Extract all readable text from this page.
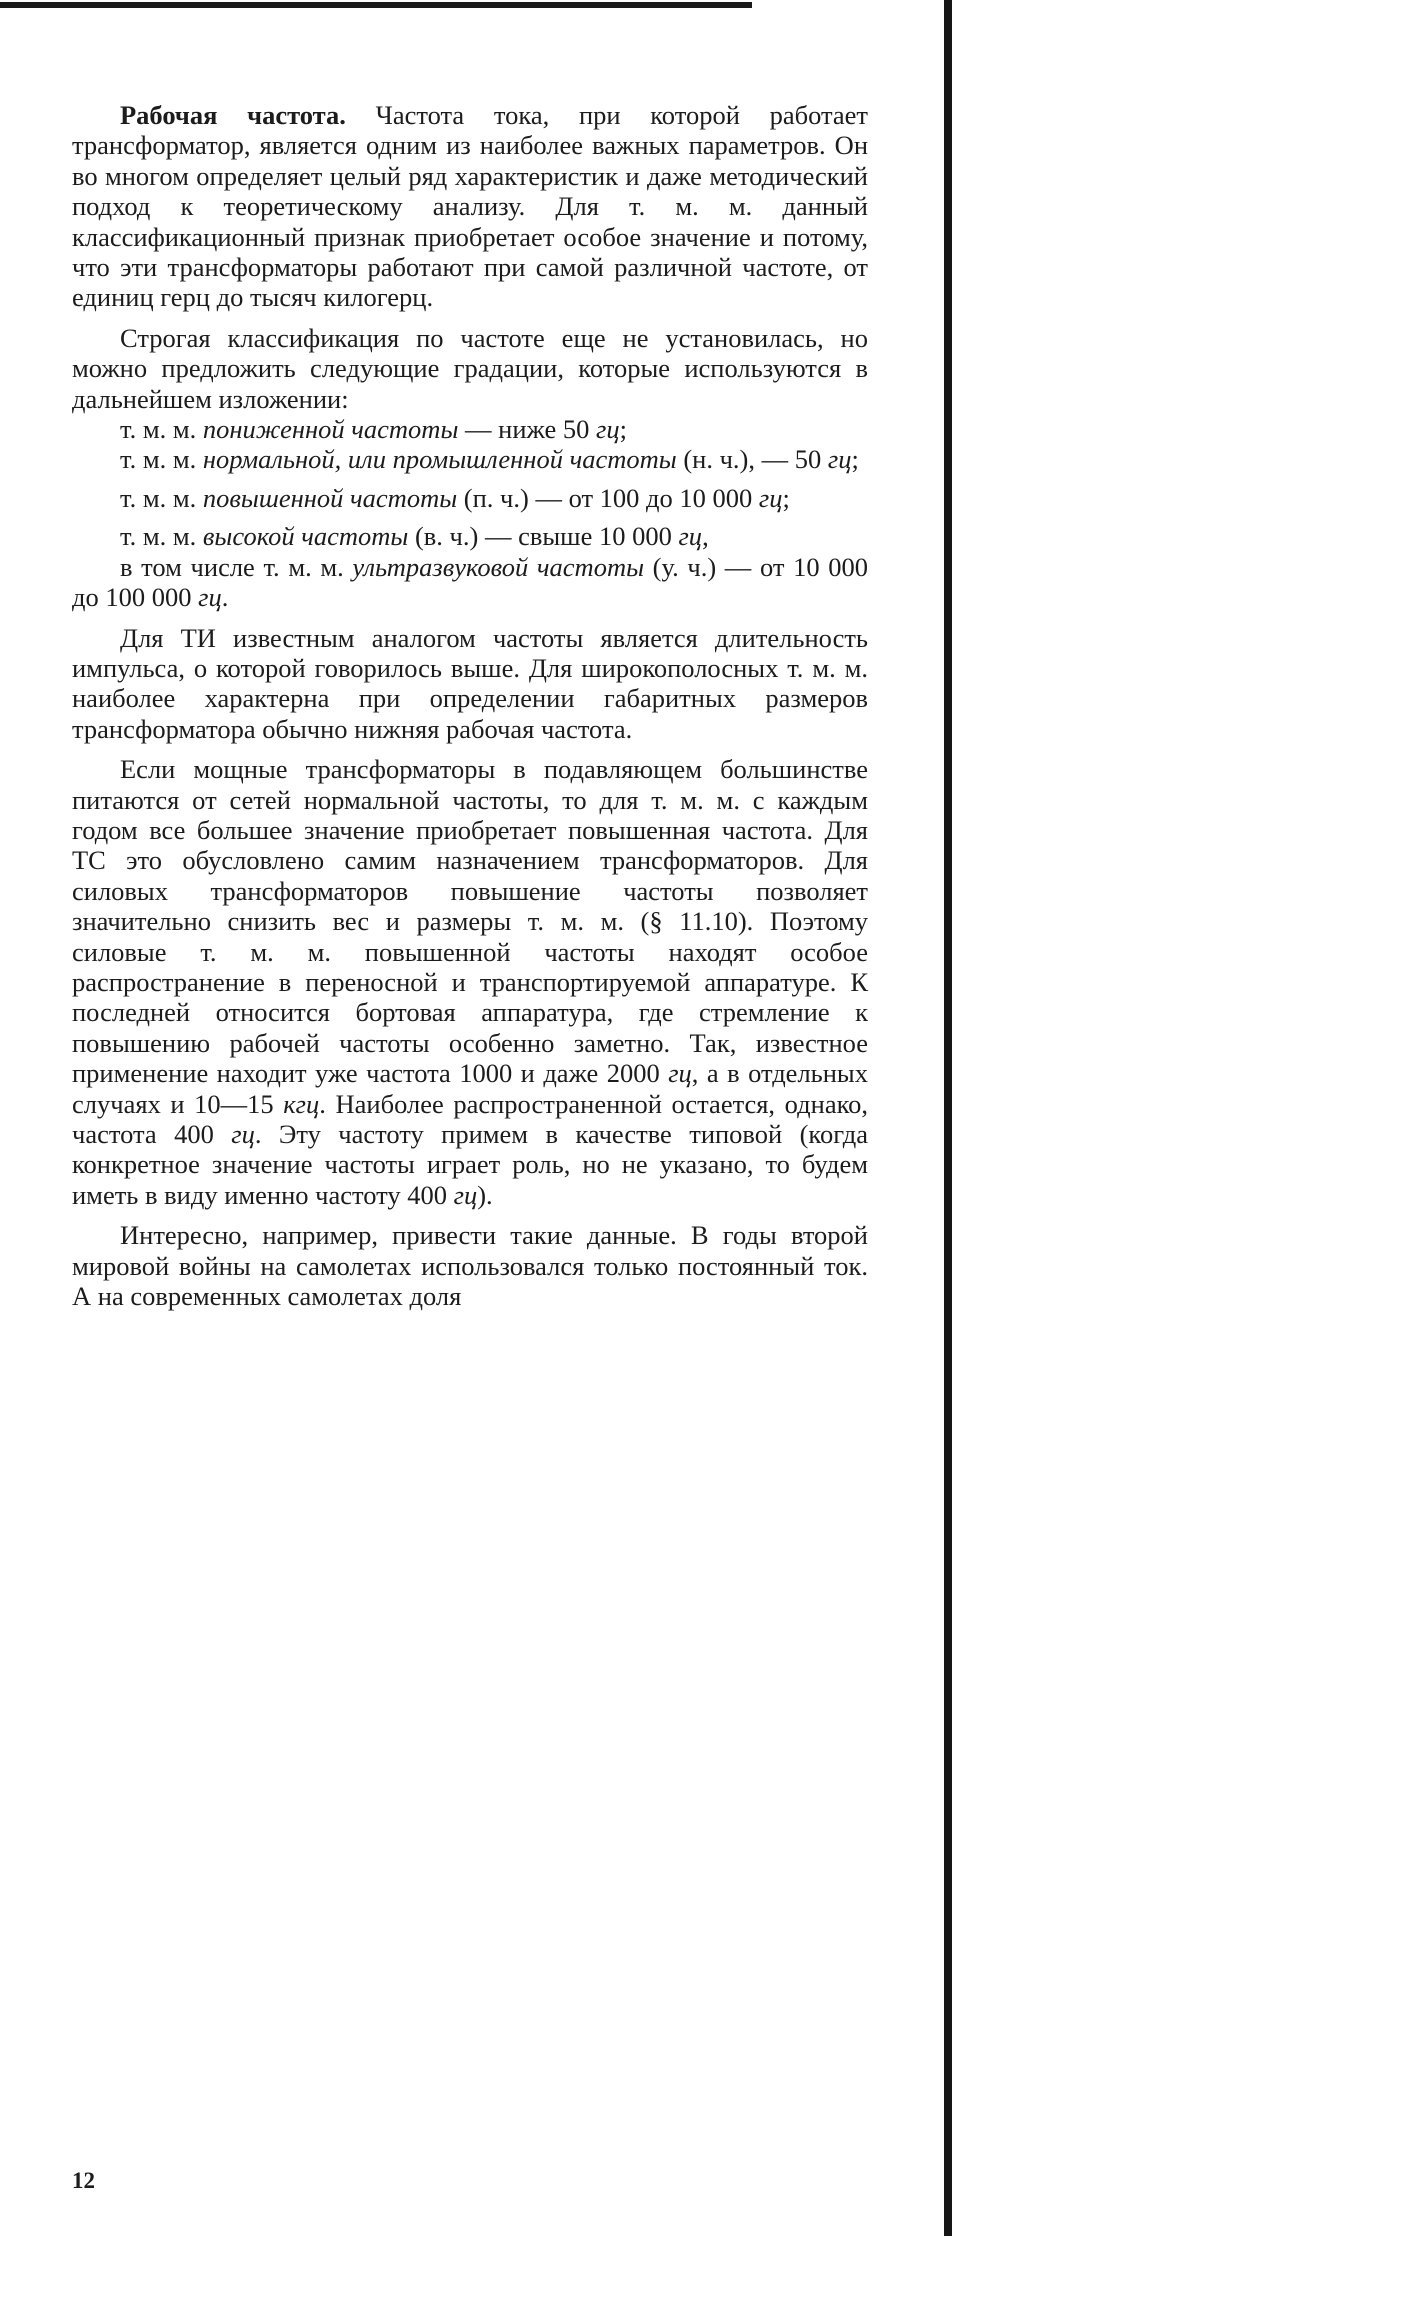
Рабочая частота. Частота тока, при которой работает трансформатор, является одним из наиболее важных параметров. Он во многом определяет целый ряд характеристик и даже методический подход к теоретическому анализу. Для т. м. м. данный классификационный признак приобретает особое значение и потому, что эти трансформаторы работают при самой различной частоте, от единиц герц до тысяч килогерц.

Строгая классификация по частоте еще не установилась, но можно предложить следующие градации, которые используются в дальнейшем изложении:

т. м. м. пониженной частоты — ниже 50 гц;

т. м. м. нормальной, или промышленной частоты (н. ч.), — 50 гц;

т. м. м. повышенной частоты (п. ч.) — от 100 до 10 000 гц;

т. м. м. высокой частоты (в. ч.) — свыше 10 000 гц,

в том числе т. м. м. ультразвуковой частоты (у. ч.) — от 10 000 до 100 000 гц.

Для ТИ известным аналогом частоты является длительность импульса, о которой говорилось выше. Для широкополосных т. м. м. наиболее характерна при определении габаритных размеров трансформатора обычно нижняя рабочая частота.

Если мощные трансформаторы в подавляющем большинстве питаются от сетей нормальной частоты, то для т. м. м. с каждым годом все большее значение приобретает повышенная частота. Для ТС это обусловлено самим назначением трансформаторов. Для силовых трансформаторов повышение частоты позволяет значительно снизить вес и размеры т. м. м. (§ 11.10). Поэтому силовые т. м. м. повышенной частоты находят особое распространение в переносной и транспортируемой аппаратуре. К последней относится бортовая аппаратура, где стремление к повышению рабочей частоты особенно заметно. Так, известное применение находит уже частота 1000 и даже 2000 гц, а в отдельных случаях и 10—15 кгц. Наиболее распространенной остается, однако, частота 400 гц. Эту частоту примем в качестве типовой (когда конкретное значение частоты играет роль, но не указано, то будем иметь в виду именно частоту 400 гц).

Интересно, например, привести такие данные. В годы второй мировой войны на самолетах использовался только постоянный ток. А на современных самолетах доля

12
